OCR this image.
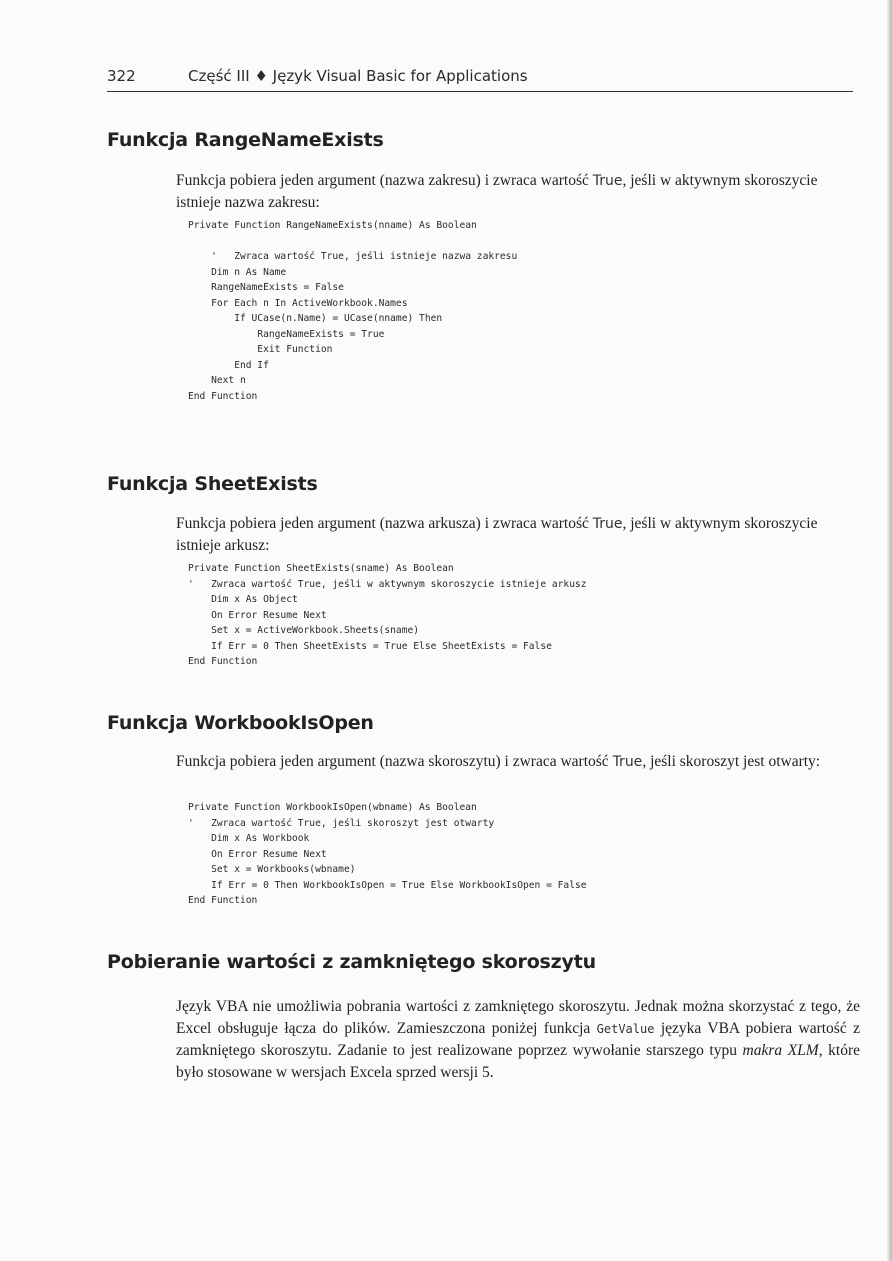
322	Część III ♦ Język Visual Basic for Applications
Funkcja RangeNameExists

Funkcja pobiera jeden argument (nazwa zakresu) i zwraca wartość True, jeśli w aktywnym skoroszycie istnieje nazwa zakresu:

Private Function RangeNameExists(nname) As Boolean

'   Zwraca wartość True, jeśli istnieje nazwa zakresu
Dim n As Name
RangeNameExists = False
For Each n In ActiveWorkbook.Names
If UCase(n.Name) = UCase(nname) Then
RangeNameExists = True
Exit Function
End If
Next n
End Function
Funkcja SheetExists

Funkcja pobiera jeden argument (nazwa arkusza) i zwraca wartość True, jeśli w aktywnym skoroszycie istnieje arkusz:

Private Function SheetExists(sname) As Boolean
'   Zwraca wartość True, jeśli w aktywnym skoroszycie istnieje arkusz
Dim x As Object
On Error Resume Next
Set x = ActiveWorkbook.Sheets(sname)
If Err = 0 Then SheetExists = True Else SheetExists = False
End Function
Funkcja WorkbookIsOpen

Funkcja pobiera jeden argument (nazwa skoroszytu) i zwraca wartość True, jeśli skoroszyt jest otwarty:

Private Function WorkbookIsOpen(wbname) As Boolean
'   Zwraca wartość True, jeśli skoroszyt jest otwarty
Dim x As Workbook
On Error Resume Next
Set x = Workbooks(wbname)
If Err = 0 Then WorkbookIsOpen = True Else WorkbookIsOpen = False
End Function
Pobieranie wartości z zamkniętego skoroszytu

Język VBA nie umożliwia pobrania wartości z zamkniętego skoroszytu. Jednak można skorzystać z tego, że Excel obsługuje łącza do plików. Zamieszczona poniżej funkcja GetValue języka VBA pobiera wartość z zamkniętego skoroszytu. Zadanie to jest realizowane poprzez wywołanie starszego typu makra XLM, które było stosowane w wersjach Excela sprzed wersji 5.
